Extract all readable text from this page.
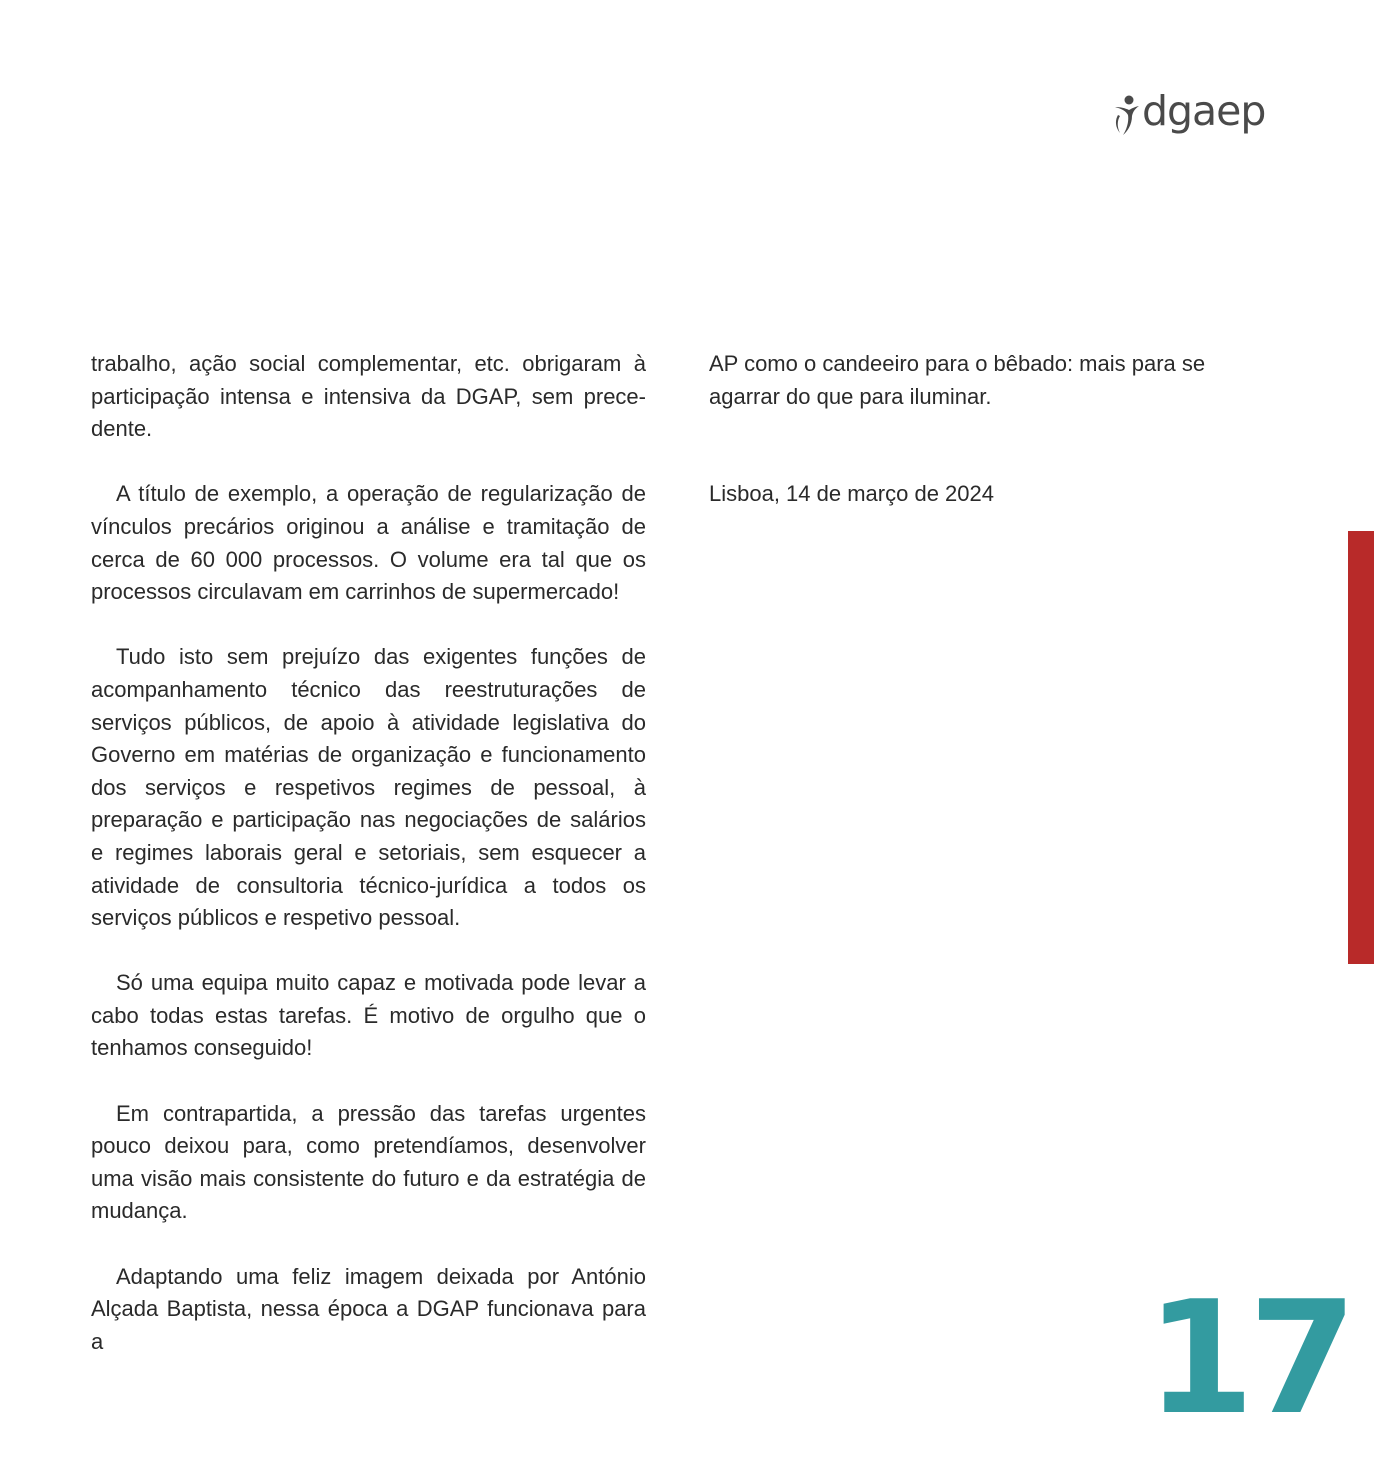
dgaep

trabalho, ação social complementar, etc. obrigaram à participação intensa e intensiva da DGAP, sem precedente.

A título de exemplo, a operação de regularização de vínculos precários originou a análise e tramitação de cerca de 60 000 processos. O volume era tal que os processos circulavam em carrinhos de supermercado!

Tudo isto sem prejuízo das exigentes funções de acompanhamento técnico das reestruturações de serviços públicos, de apoio à atividade legislativa do Governo em matérias de organização e funcionamento dos serviços e respetivos regimes de pessoal, à preparação e participação nas negociações de salários e regimes laborais geral e setoriais, sem esquecer a atividade de consultoria técnico-jurídica a todos os serviços públicos e respetivo pessoal.

Só uma equipa muito capaz e motivada pode levar a cabo todas estas tarefas. É motivo de orgulho que o tenhamos conseguido!

Em contrapartida, a pressão das tarefas urgentes pouco deixou para, como pretendíamos, desenvolver uma visão mais consistente do futuro e da estratégia de mudança.

Adaptando uma feliz imagem deixada por António Alçada Baptista, nessa época a DGAP funcionava para a

AP como o candeeiro para o bêbado: mais para se agarrar do que para iluminar.

Lisboa, 14 de março de 2024

17
